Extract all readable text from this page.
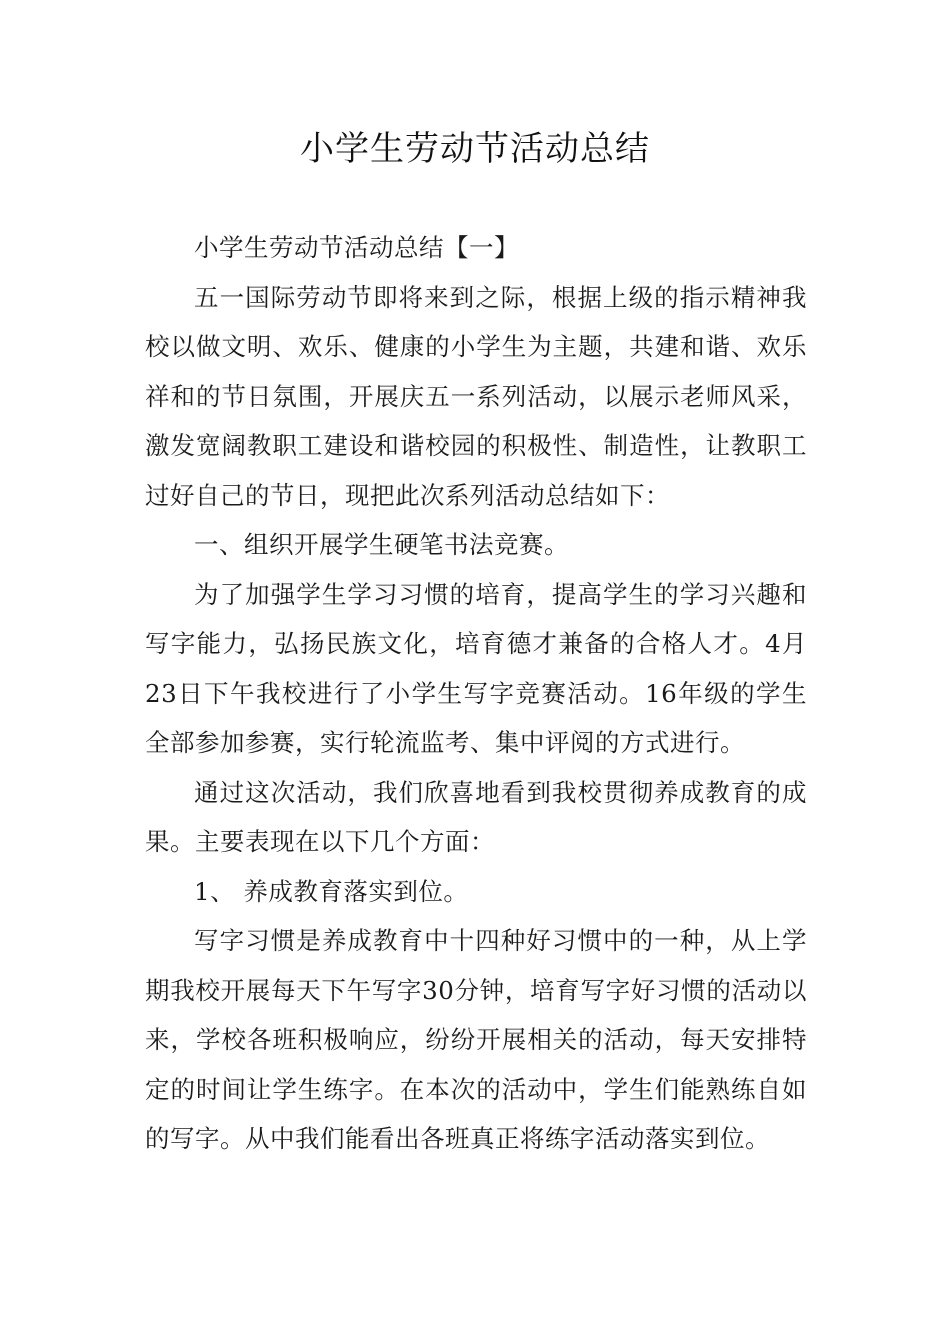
小学生劳动节活动总结

小学生劳动节活动总结【一】

五一国际劳动节即将来到之际，根据上级的指示精神我校以做文明、欢乐、健康的小学生为主题，共建和谐、欢乐祥和的节日氛围，开展庆五一系列活动，以展示老师风采，激发宽阔教职工建设和谐校园的积极性、制造性，让教职工过好自己的节日，现把此次系列活动总结如下：

一、组织开展学生硬笔书法竞赛。

为了加强学生学习习惯的培育，提高学生的学习兴趣和写字能力，弘扬民族文化，培育德才兼备的合格人才。4月23日下午我校进行了小学生写字竞赛活动。16年级的学生全部参加参赛，实行轮流监考、集中评阅的方式进行。

通过这次活动，我们欣喜地看到我校贯彻养成教育的成果。主要表现在以下几个方面：

1、 养成教育落实到位。

写字习惯是养成教育中十四种好习惯中的一种，从上学期我校开展每天下午写字30分钟，培育写字好习惯的活动以来，学校各班积极响应，纷纷开展相关的活动，每天安排特定的时间让学生练字。在本次的活动中，学生们能熟练自如的写字。从中我们能看出各班真正将练字活动落实到位。
